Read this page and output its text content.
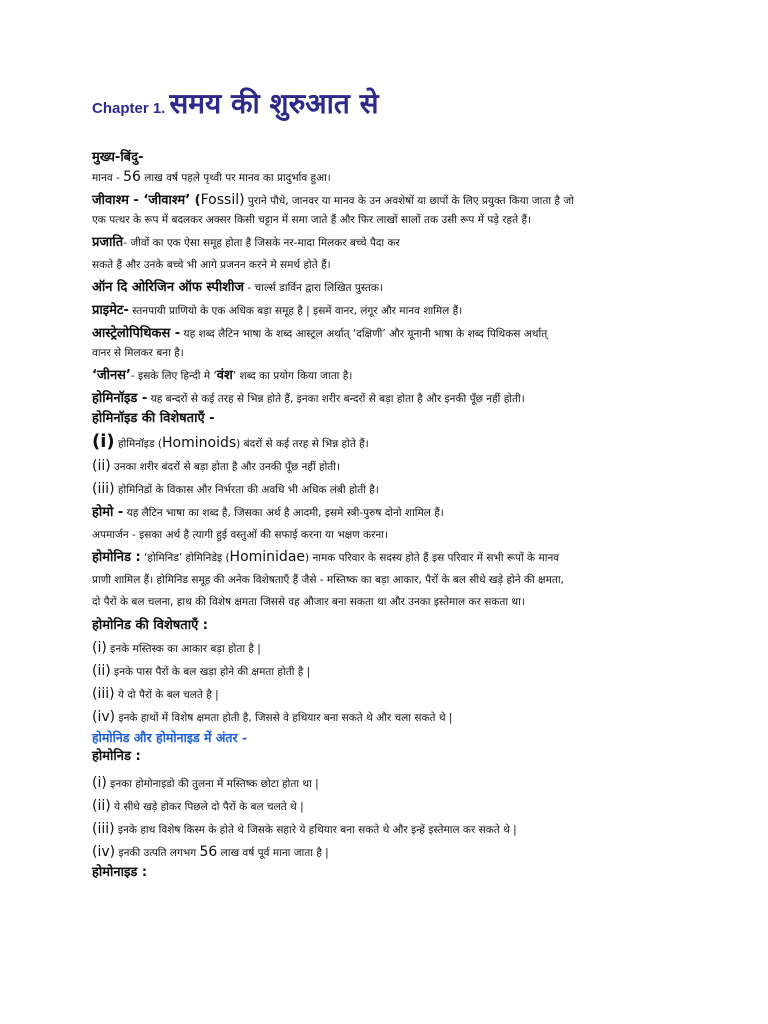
Chapter 1. समय की शुरुआत से
मुख्य-बिंदु-
मानव - 56 लाख वर्ष पहले पृथ्वी पर मानव का प्रादुर्भाव हुआ।
जीवाश्म - ‘जीवाश्म’ (Fossil) पुराने पौधे, जानवर या मानव के उन अवशेषों या छापों के लिए प्रयुक्त किया जाता है जो
एक पत्थर के रूप में बदलकर अक्सर किसी चट्टान में समा जाते हैं और फिर लाखों सालों तक उसी रूप में पड़े रहते हैं।
प्रजाति- जीवों का एक ऐसा समूह होता है जिसके नर-मादा मिलकर बच्चे पैदा कर
सकते हैं और उनके बच्चे भी आगे प्रजनन करने मे समर्थ होते हैं।
ऑन दि ओरिजिन ऑफ स्पीशीज - चार्ल्स डार्विन द्वारा लिखित पुस्तक।
प्राइमेट- स्तनपायी प्राणियो के एक अधिक बड़ा समूह है | इसमें वानर, लंगूर और मानव शामिल हैं।
आस्ट्रेलोपिथिकस - यह शब्द लैटिन भाषा के शब्द आस्ट्रल अर्थात् ‘दक्षिणी’ और यूनानी भाषा के शब्द पिथिकस अर्थात्
वानर से मिलकर बना है।
‘जीनस’- इसके लिए हिन्दी मे ‘वंश’ शब्द का प्रयोग किया जाता है।
होमिनॉइड - यह बन्दरों से कई तरह से भिन्न होते हैं, इनका शरीर बन्दरों से बड़ा होता है और इनकी पूँछ नहीं होती।
होमिनॉइड की विशेषताएँ -
(i) होमिनॉइड (Hominoids) बंदरों से कई तरह से भिन्न होते हैं।
(ii) उनका शरीर बंदरों से बड़ा होता है और उनकी पूँछ नहीं होती।
(iii) होमिनिडों के विकास और निर्भरता की अवधि भी अधिक लंबी होती है।
होमो - यह लैटिन भाषा का शब्द है, जिसका अर्थ है आदमी, इसमे स्त्री-पुरुष दोनो शामिल हैं।
अपमार्जन - इसका अर्थ है त्यागी हुई वस्तुओं की सफाई करना या भक्षण करना।
होमोनिड : ‘होमिनिड’ होमिनिडेइ (Hominidae) नामक परिवार के सदस्य होते हैं इस परिवार में सभी रूपों के मानव
प्राणी शामिल हैं। होमिनिड समूह की अनेक विशेषताएँ हैं जैसे - मस्तिष्क का बड़ा आकार, पैरों के बल सीधे खड़े होने की क्षमता,
दो पैरों के बल चलना, हाथ की विशेष क्षमता जिससे वह औजार बना सकता था और उनका इस्तेमाल कर सकता था।
होमोनिड की विशेषताएँ :
(i) इनके मस्तिस्क का आकार बड़ा होता है |
(ii) इनके पास पैरों के बल खड़ा होने की क्षमता होती है |
(iii) ये दो पैरों के बल चलते है |
(iv) इनके हाथों में विशेष क्षमता होती है, जिससे वे हथियार बना सकते थे और चला सकते थे |
होमोनिड और होमोनाइड में अंतर -
होमोनिड :
(i) इनका होमोनाइडो की तुलना में मस्तिष्क छोटा होता था |
(ii) ये सीधे खड़े होकर पिछले दो पैरों के बल चलते थे |
(iii) इनके हाथ विशेष किस्म के होते थे जिसके सहारे ये हथियार बना सकते थे और इन्हें इस्तेमाल कर सकते थे |
(iv) इनकी उत्पति लगभग 56 लाख वर्ष पूर्व माना जाता है |
होमोनाइड :
